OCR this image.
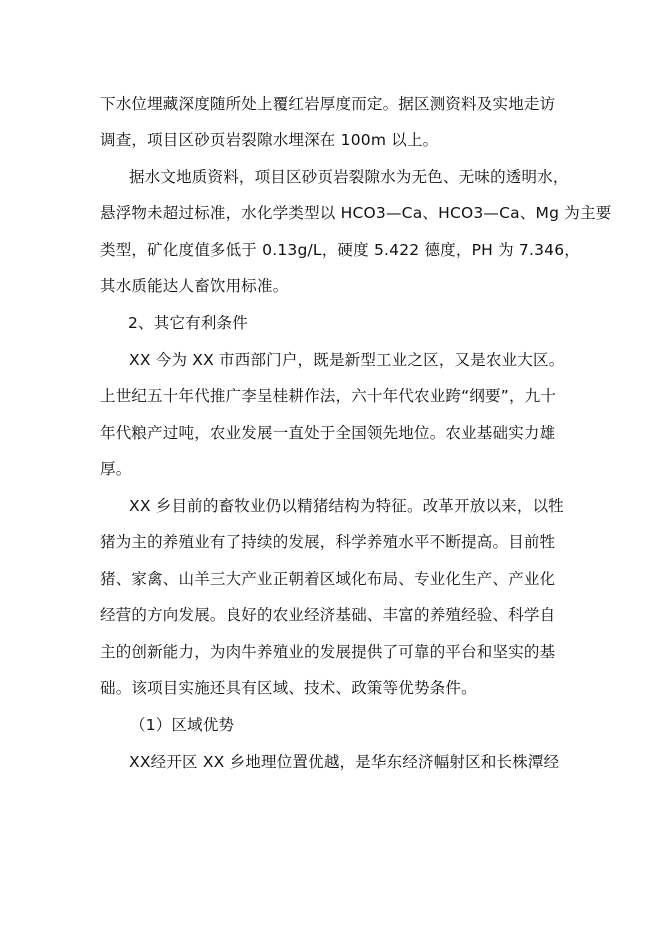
下水位埋藏深度随所处上覆红岩厚度而定。据区测资料及实地走访
调查，项目区砂页岩裂隙水埋深在 100m 以上。
据水文地质资料，项目区砂页岩裂隙水为无色、无味的透明水，
悬浮物未超过标准，水化学类型以 HCO3—Ca、HCO3—Ca、Mg 为主要
类型，矿化度值多低于 0.13g/L，硬度 5.422 德度，PH 为 7.346，
其水质能达人畜饮用标准。
2、其它有利条件
XX 今为 XX 市西部门户，既是新型工业之区，又是农业大区。
上世纪五十年代推广李呈桂耕作法，六十年代农业跨“纲要”，九十
年代粮产过吨，农业发展一直处于全国领先地位。农业基础实力雄
厚。
XX 乡目前的畜牧业仍以精猪结构为特征。改革开放以来，以牲
猪为主的养殖业有了持续的发展，科学养殖水平不断提高。目前牲
猪、家禽、山羊三大产业正朝着区域化布局、专业化生产、产业化
经营的方向发展。良好的农业经济基础、丰富的养殖经验、科学自
主的创新能力，为肉牛养殖业的发展提供了可靠的平台和坚实的基
础。该项目实施还具有区域、技术、政策等优势条件。
（1）区域优势
XX经开区 XX 乡地理位置优越，是华东经济幅射区和长株潭经
